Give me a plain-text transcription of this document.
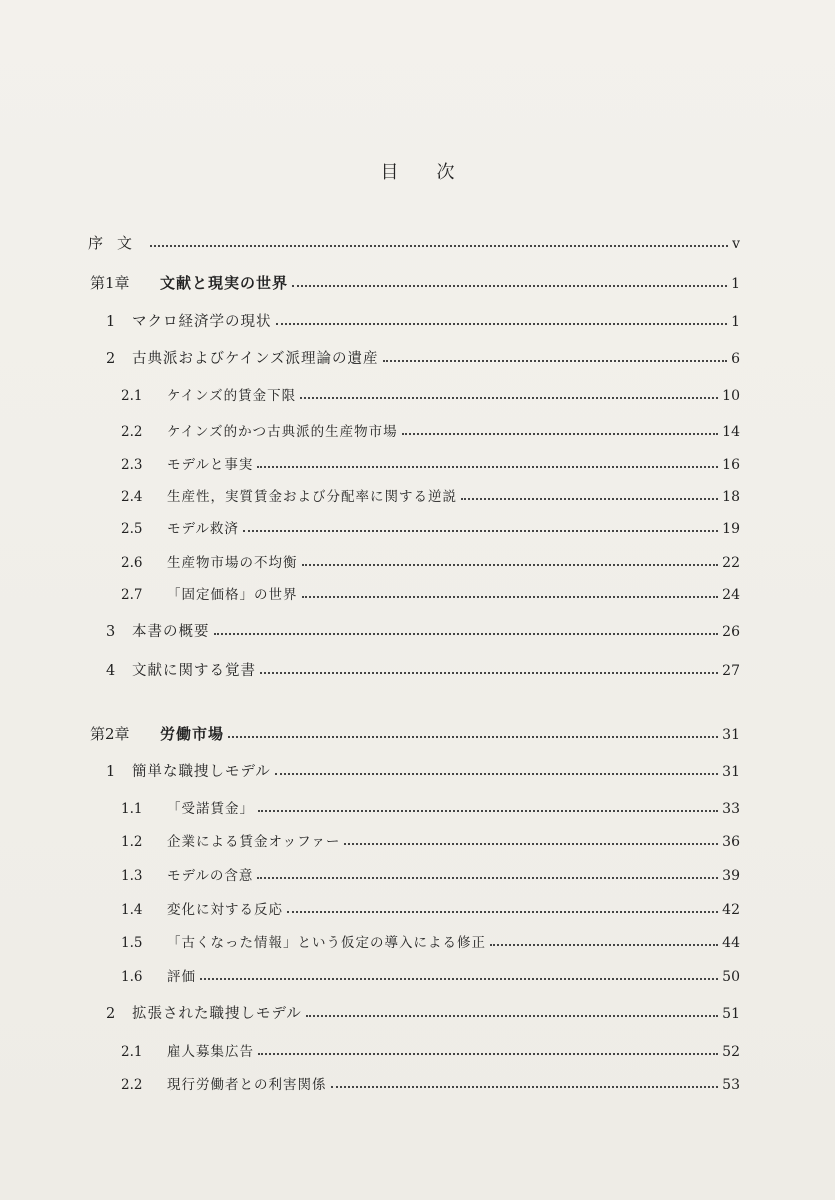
目次
序文	v
第1章	文献と現実の世界	1
1	マクロ経済学の現状	1
2	古典派およびケインズ派理論の遺産	6
2.1	ケインズ的賃金下限	10
2.2	ケインズ的かつ古典派的生産物市場	14
2.3	モデルと事実	16
2.4	生産性，実質賃金および分配率に関する逆説	18
2.5	モデル救済	19
2.6	生産物市場の不均衡	22
2.7	「固定価格」の世界	24
3	本書の概要	26
4	文献に関する覚書	27
第2章	労働市場	31
1	簡単な職捜しモデル	31
1.1	「受諾賃金」	33
1.2	企業による賃金オッファー	36
1.3	モデルの含意	39
1.4	変化に対する反応	42
1.5	「古くなった情報」という仮定の導入による修正	44
1.6	評価	50
2	拡張された職捜しモデル	51
2.1	雇人募集広告	52
2.2	現行労働者との利害関係	53
